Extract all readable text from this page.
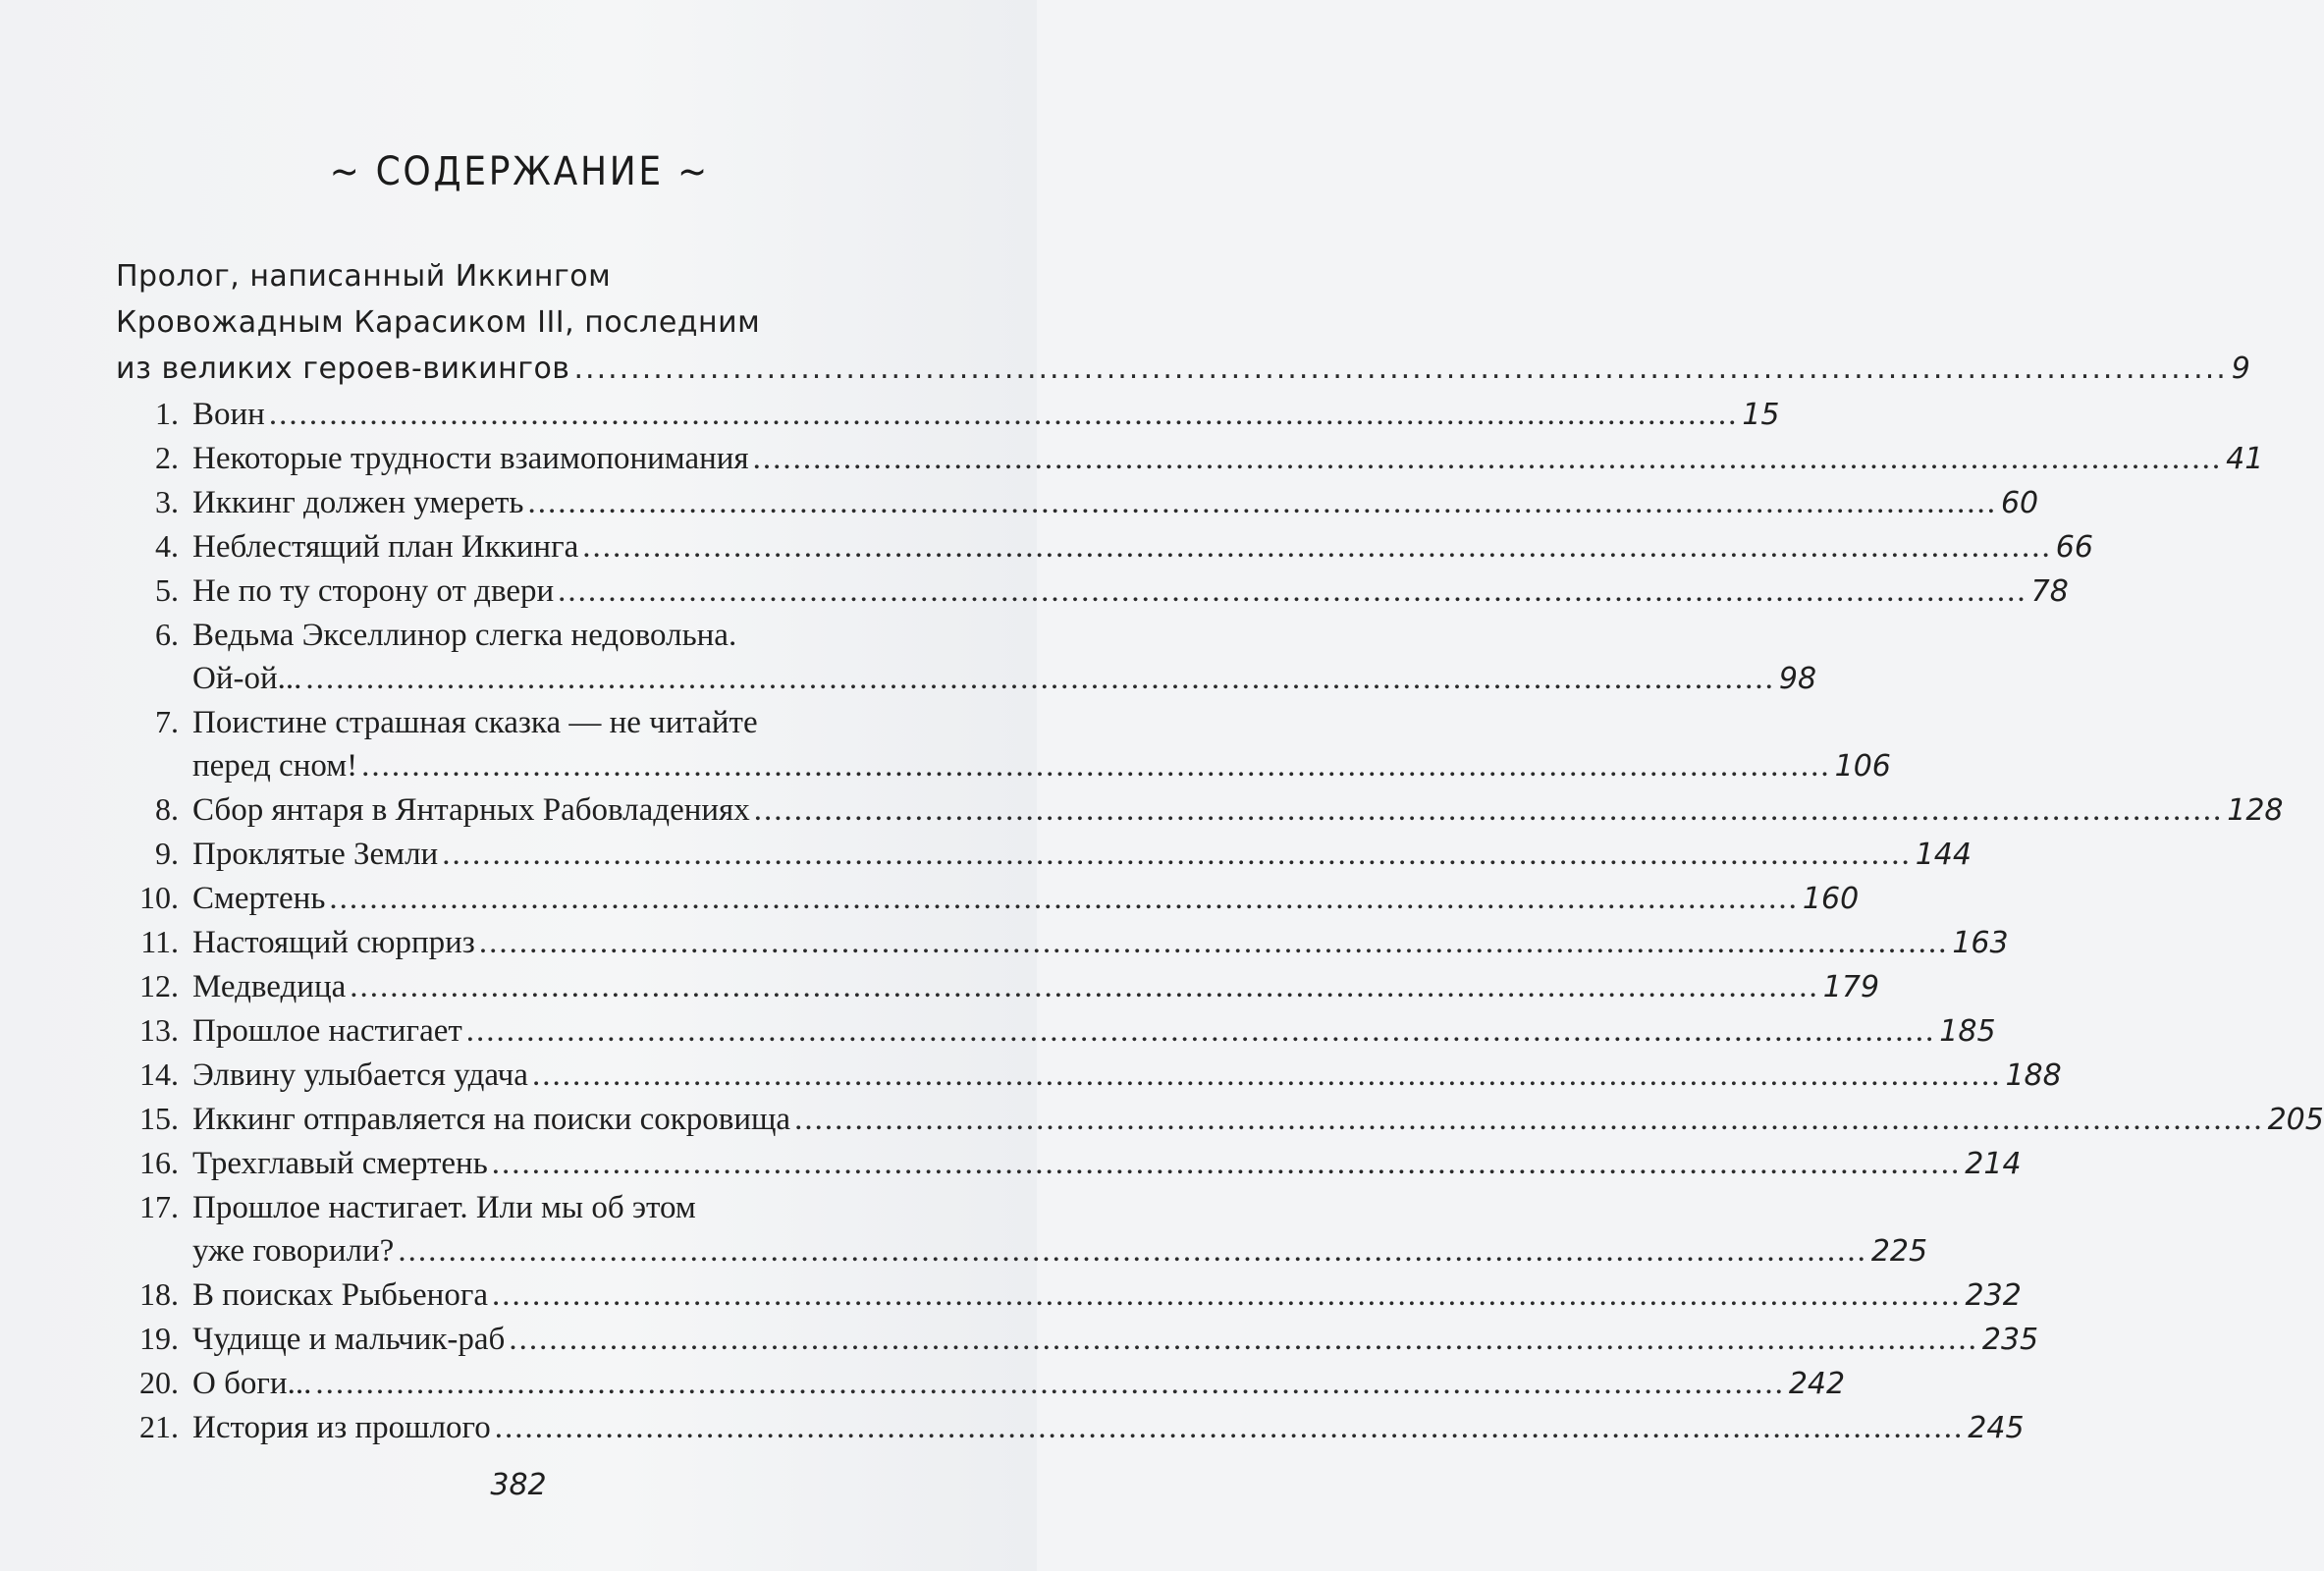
~ СОДЕРЖАНИЕ ~
Пролог, написанный Иккингом
Кровожадным Карасиком III, последним
из великих героев-викингов .....	9
1. Воин .....	15
2. Некоторые трудности взаимопонимания .....	41
3. Иккинг должен умереть .....	60
4. Неблестящий план Иккинга .....	66
5. Не по ту сторону от двери .....	78
6. Ведьма Экселлинор слегка недовольна.
Ой-ой... .....	98
7. Поистине страшная сказка — не читайте
перед сном! .....	106
8. Сбор янтаря в Янтарных Рабовладениях .....	128
9. Проклятые Земли .....	144
10. Смертень .....	160
11. Настоящий сюрприз .....	163
12. Медведица .....	179
13. Прошлое настигает .....	185
14. Элвину улыбается удача .....	188
15. Иккинг отправляется на поиски сокровища .....	205
16. Трехглавый смертень .....	214
17. Прошлое настигает. Или мы об этом
уже говорили? .....	225
18. В поисках Рыбьенога .....	232
19. Чудище и мальчик-раб .....	235
20. О боги... .....	242
21. История из прошлого .....	245
382
